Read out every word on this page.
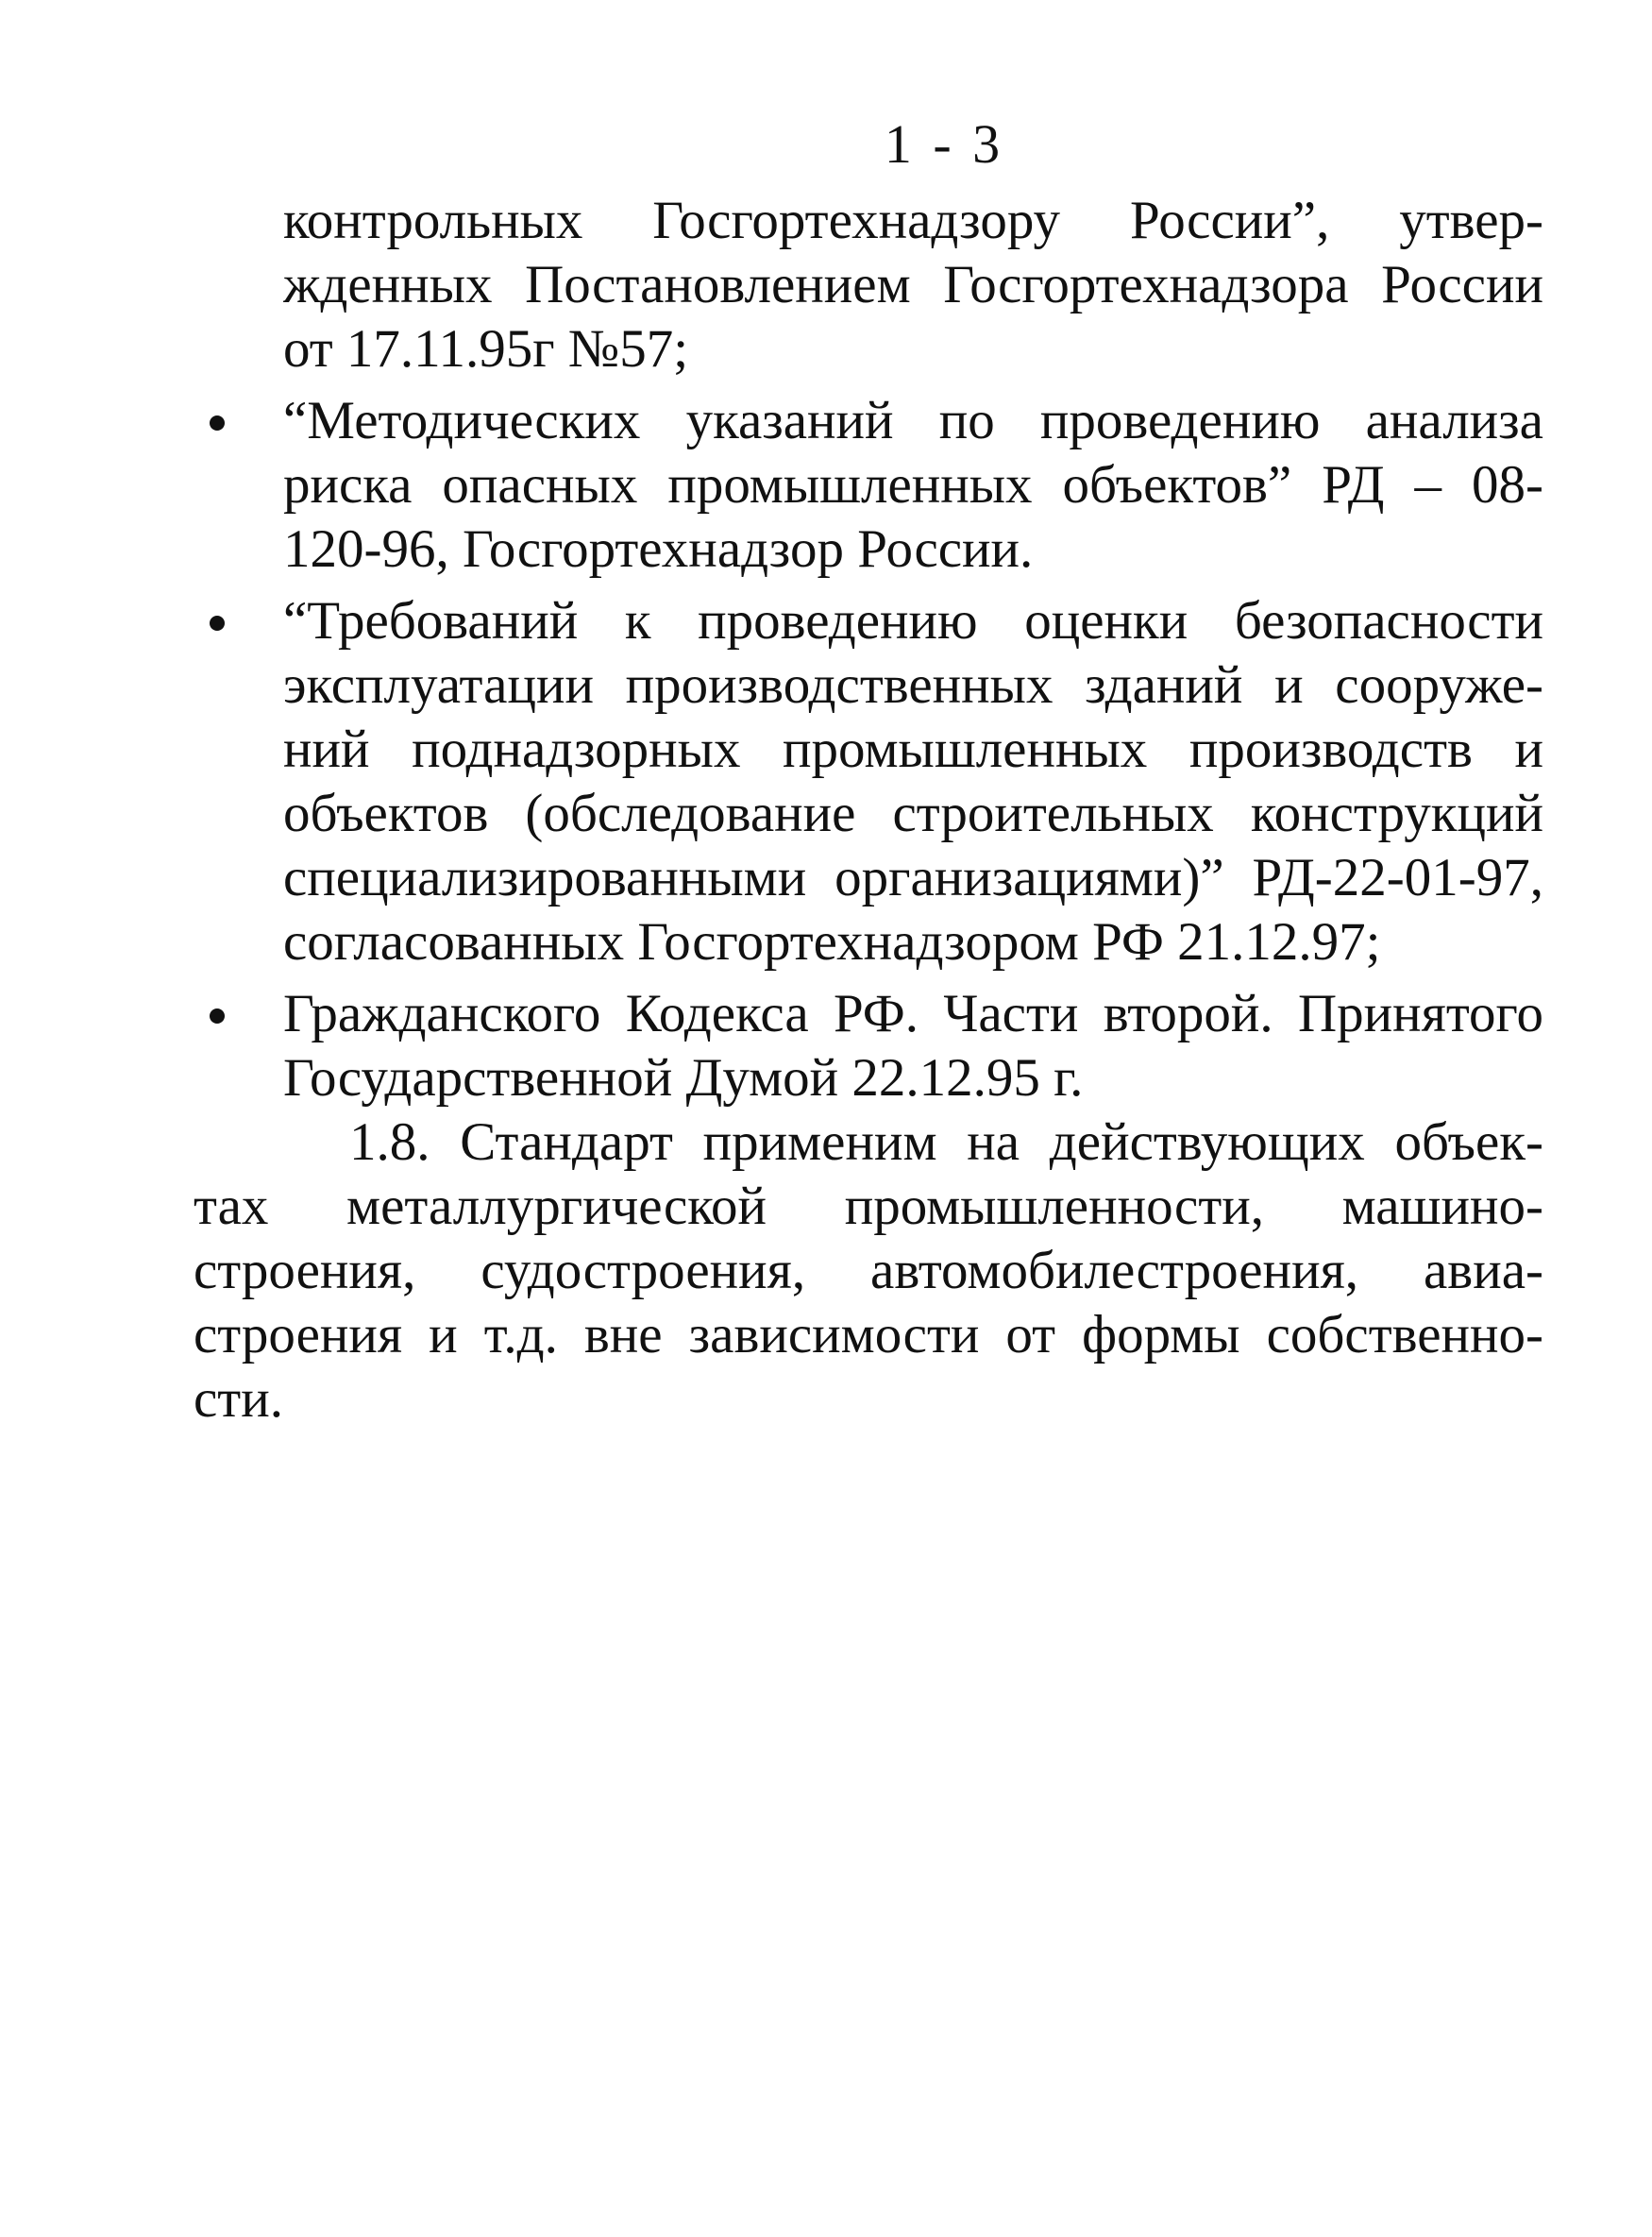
1 - 3
контрольных Госгортехнадзору России”, утвер-
жденных Постановлением Госгортехнадзора России
от 17.11.95г №57;
“Методических указаний по проведению анализа
риска опасных промышленных объектов” РД – 08-
120-96, Госгортехнадзор России.
“Требований к проведению оценки безопасности
эксплуатации производственных зданий и сооруже-
ний поднадзорных промышленных производств и
объектов (обследование строительных конструкций
специализированными организациями)” РД-22-01-97,
согласованных Госгортехнадзором РФ 21.12.97;
Гражданского Кодекса РФ. Части второй. Принятого
Государственной Думой 22.12.95 г.
1.8. Стандарт применим на действующих объек-
тах металлургической промышленности, машино-
строения, судостроения, автомобилестроения, авиа-
строения и т.д. вне зависимости от формы собственно-
сти.
